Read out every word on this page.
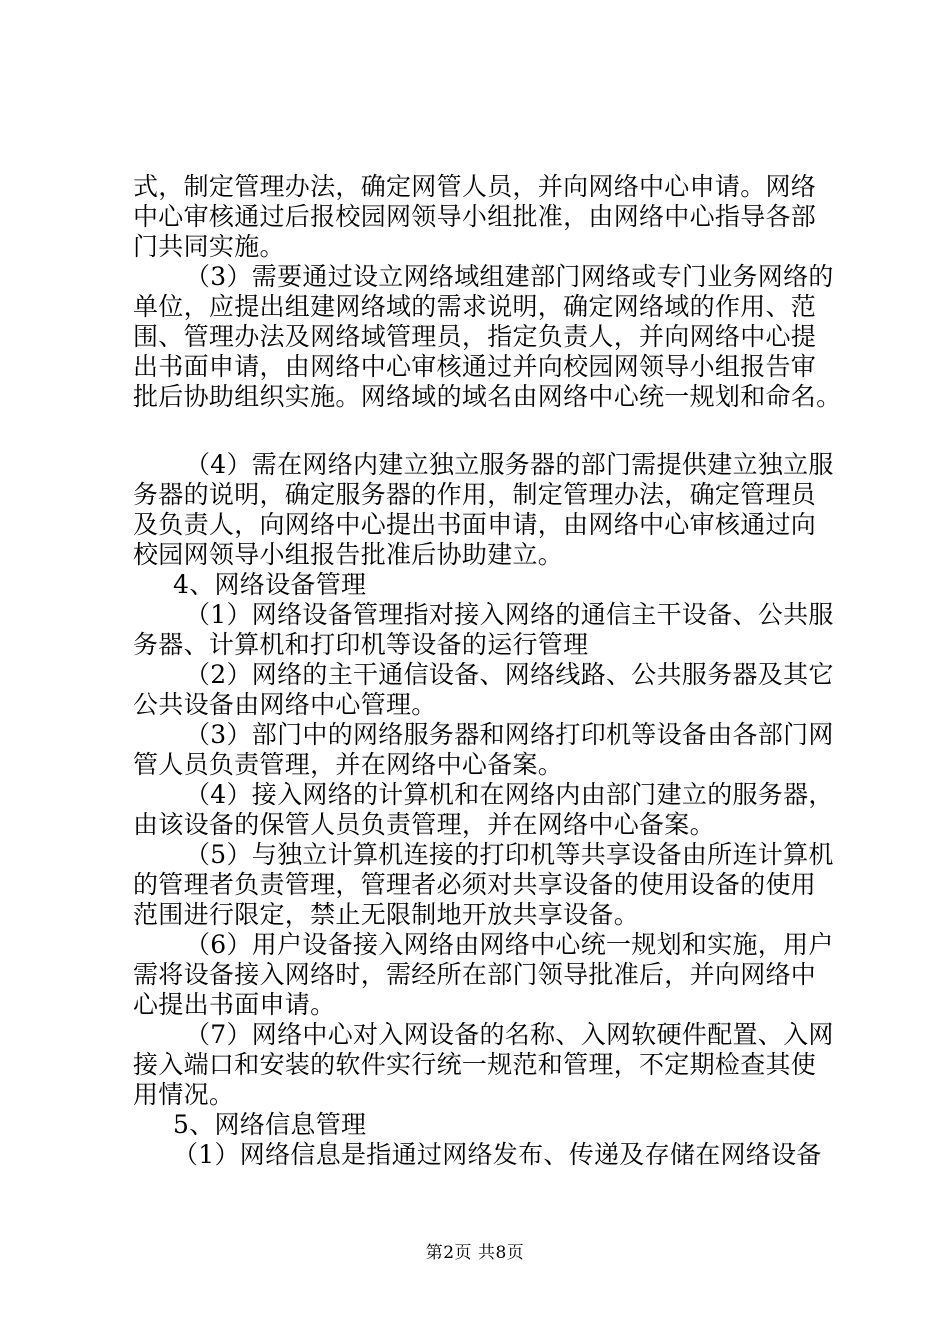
式，制定管理办法，确定网管人员，并向网络中心申请。网络
中心审核通过后报校园网领导小组批准，由网络中心指导各部
门共同实施。
（3）需要通过设立网络域组建部门网络或专门业务网络的
单位，应提出组建网络域的需求说明，确定网络域的作用、范
围、管理办法及网络域管理员，指定负责人，并向网络中心提
出书面申请，由网络中心审核通过并向校园网领导小组报告审
批后协助组织实施。网络域的域名由网络中心统一规划和命名。
（4）需在网络内建立独立服务器的部门需提供建立独立服
务器的说明，确定服务器的作用，制定管理办法，确定管理员
及负责人，向网络中心提出书面申请，由网络中心审核通过向
校园网领导小组报告批准后协助建立。
4、网络设备管理
（1）网络设备管理指对接入网络的通信主干设备、公共服
务器、计算机和打印机等设备的运行管理
（2）网络的主干通信设备、网络线路、公共服务器及其它
公共设备由网络中心管理。
（3）部门中的网络服务器和网络打印机等设备由各部门网
管人员负责管理，并在网络中心备案。
（4）接入网络的计算机和在网络内由部门建立的服务器，
由该设备的保管人员负责管理，并在网络中心备案。
（5）与独立计算机连接的打印机等共享设备由所连计算机
的管理者负责管理，管理者必须对共享设备的使用设备的使用
范围进行限定，禁止无限制地开放共享设备。
（6）用户设备接入网络由网络中心统一规划和实施，用户
需将设备接入网络时，需经所在部门领导批准后，并向网络中
心提出书面申请。
（7）网络中心对入网设备的名称、入网软硬件配置、入网
接入端口和安装的软件实行统一规范和管理，不定期检查其使
用情况。
5、网络信息管理
（1）网络信息是指通过网络发布、传递及存储在网络设备
第2页 共8页
